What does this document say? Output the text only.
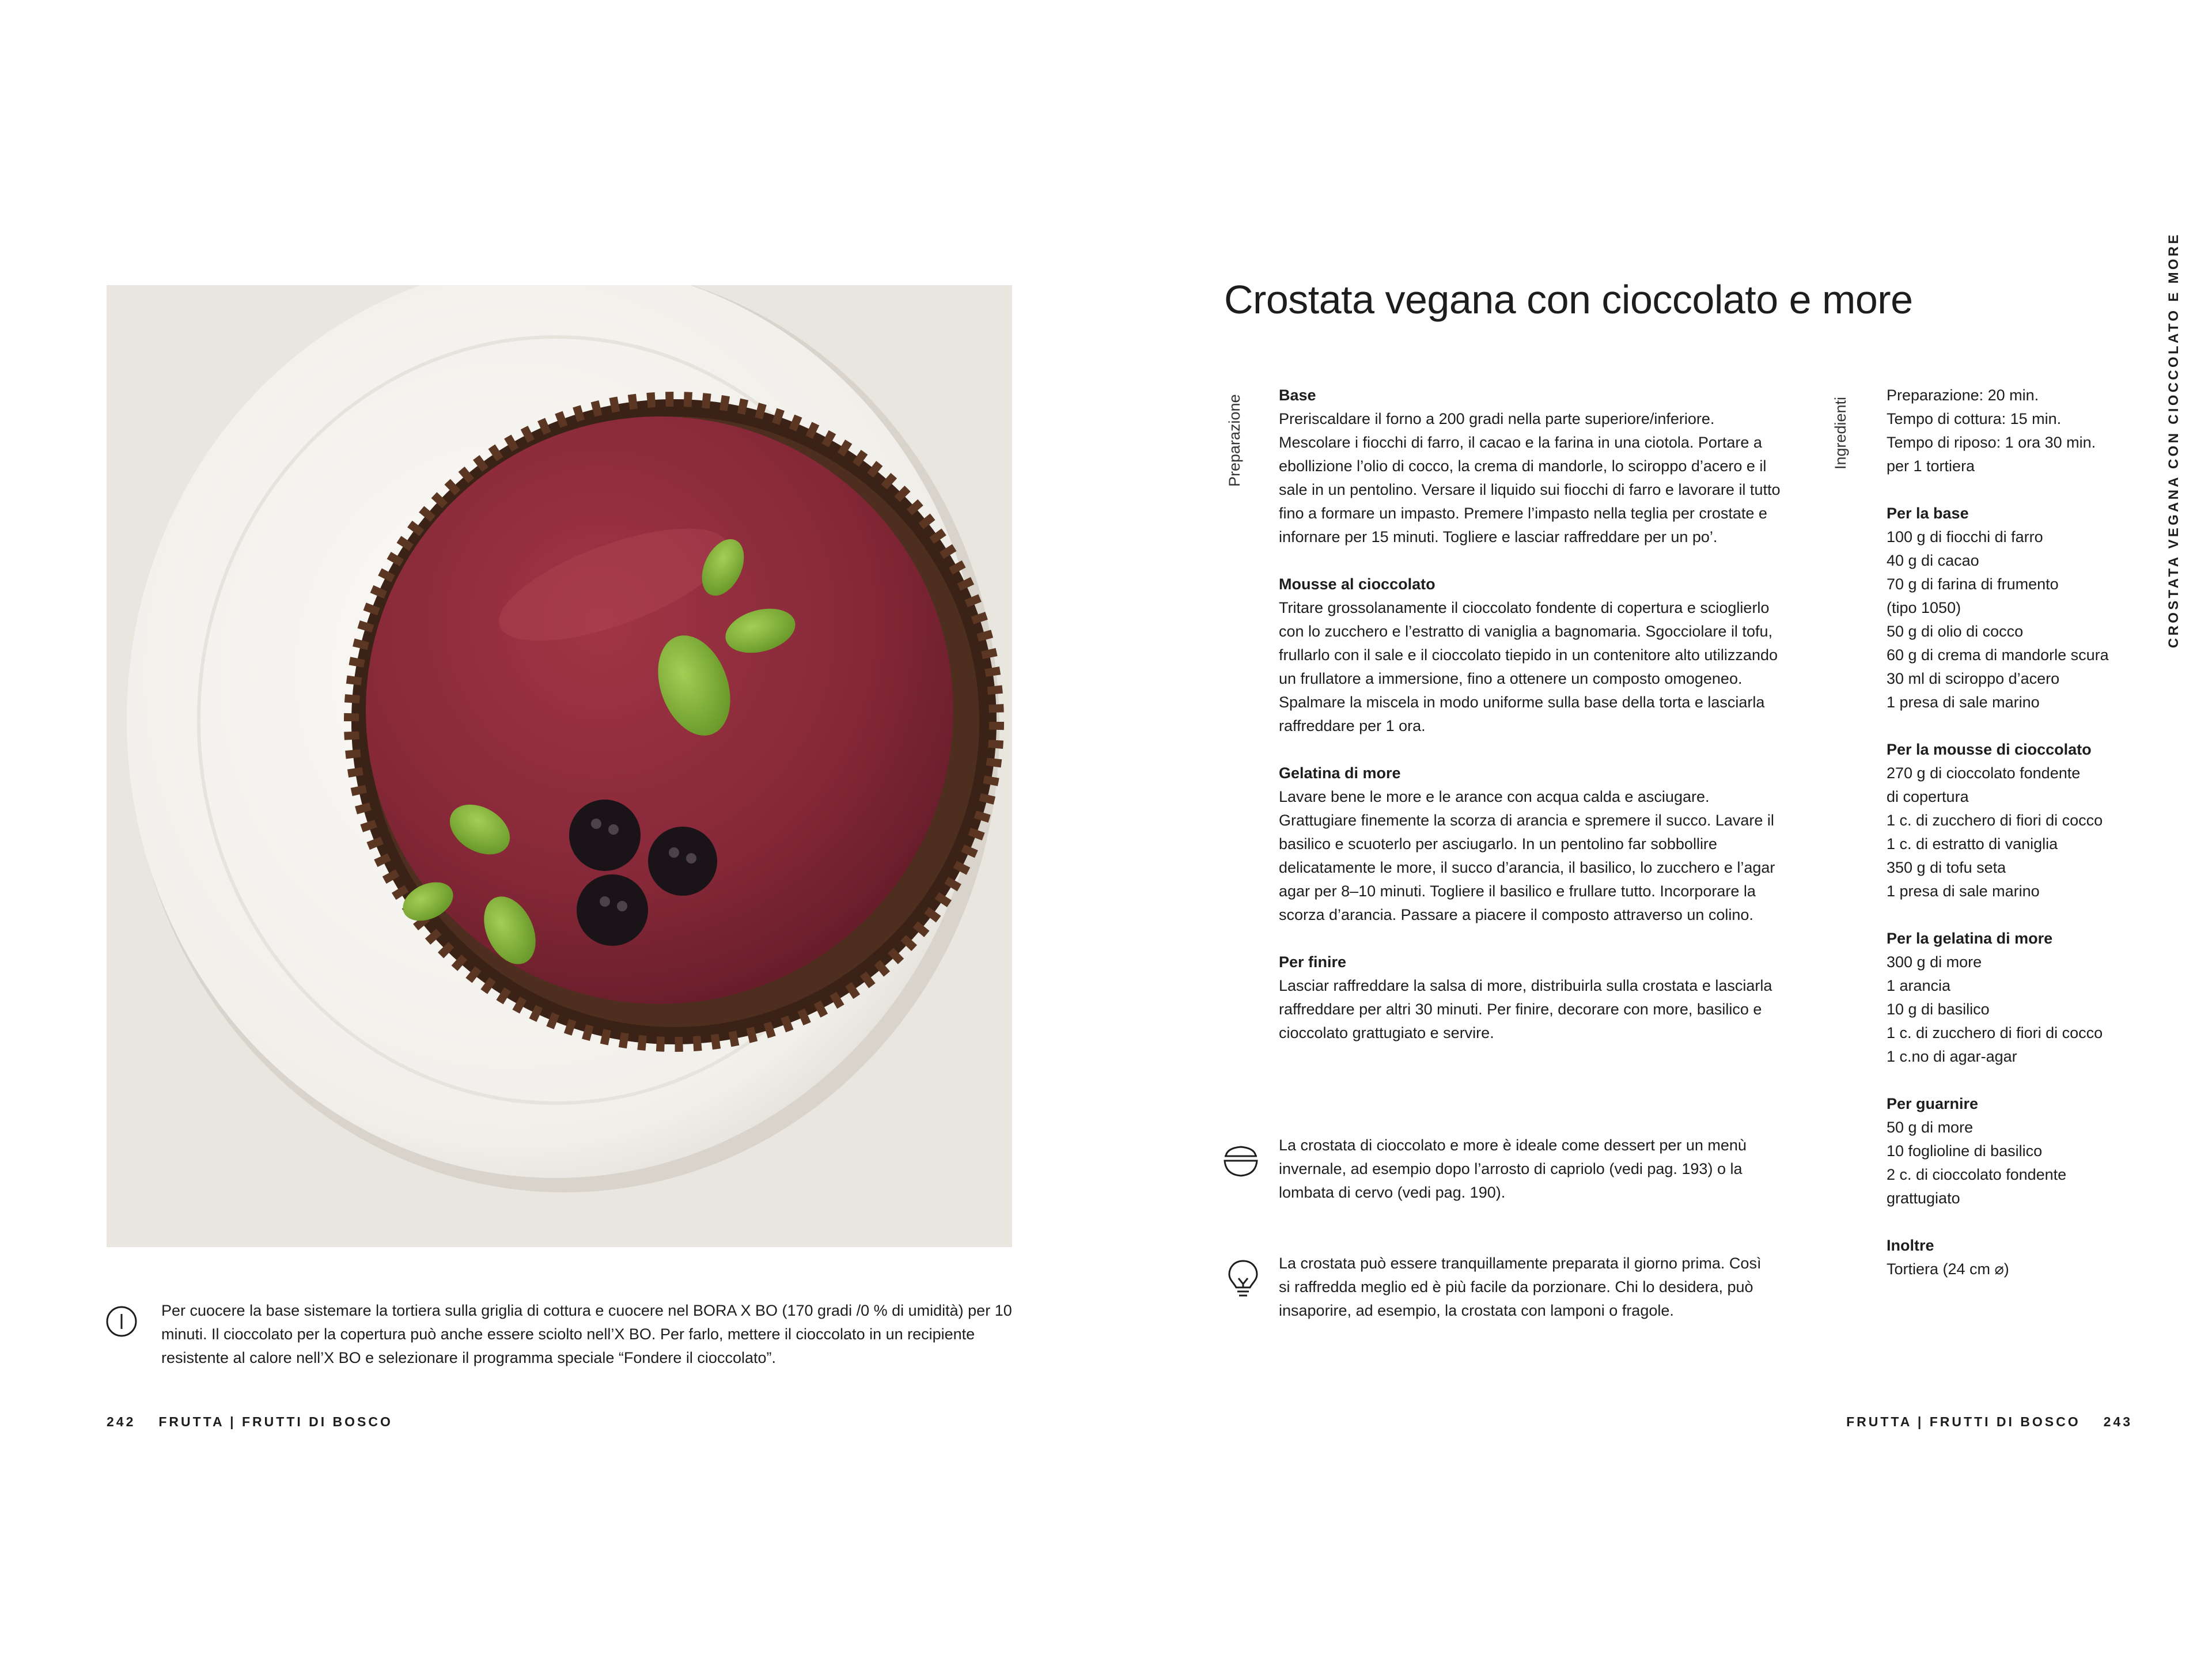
Per cuocere la base sistemare la tortiera sulla griglia di cottura e cuocere nel BORA X BO (170 gradi /0 % di umidità) per 10 minuti. Il cioccolato per la copertura può anche essere sciolto nell’X BO. Per farlo, mettere il cioccolato in un recipiente resistente al calore nell’X BO e selezionare il programma speciale “Fondere il cioccolato”.
242 FRUTTA | FRUTTI DI BOSCO
Crostata vegana con cioccolato e more
Preparazione	Ingredienti	CROSTATA VEGANA CON CIOCCOLATO E MORE
Base
Preriscaldare il forno a 200 gradi nella parte superiore/inferiore. Mescolare i fiocchi di farro, il cacao e la farina in una ciotola. Portare a ebollizione l’olio di cocco, la crema di mandorle, lo sciroppo d’acero e il sale in un pentolino. Versare il liquido sui fiocchi di farro e lavorare il tutto fino a formare un impasto. Premere l’impasto nella teglia per crostate e infornare per 15 minuti. Togliere e lasciar raffreddare per un po’.
Mousse al cioccolato
Tritare grossolanamente il cioccolato fondente di copertura e scioglierlo con lo zucchero e l’estratto di vaniglia a bagnomaria. Sgocciolare il tofu, frullarlo con il sale e il cioccolato tiepido in un contenitore alto utilizzando un frullatore a immersione, fino a ottenere un composto omogeneo. Spalmare la miscela in modo uniforme sulla base della torta e lasciarla raffreddare per 1 ora.
Gelatina di more
Lavare bene le more e le arance con acqua calda e asciugare. Grattugiare finemente la scorza di arancia e spremere il succo. Lavare il basilico e scuoterlo per asciugarlo. In un pentolino far sobbollire delicatamente le more, il succo d’arancia, il basilico, lo zucchero e l’agar agar per 8–10 minuti. Togliere il basilico e frullare tutto. Incorporare la scorza d’arancia. Passare a piacere il composto attraverso un colino.
Per finire
Lasciar raffreddare la salsa di more, distribuirla sulla crostata e lasciarla raffreddare per altri 30 minuti. Per finire, decorare con more, basilico e cioccolato grattugiato e servire.
La crostata di cioccolato e more è ideale come dessert per un menù invernale, ad esempio dopo l’arrosto di capriolo (vedi pag. 193) o la lombata di cervo (vedi pag. 190).
La crostata può essere tranquillamente preparata il giorno prima. Così si raffredda meglio ed è più facile da porzionare. Chi lo desidera, può insaporire, ad esempio, la crostata con lamponi o fragole.
Preparazione: 20 min.
Tempo di cottura: 15 min.
Tempo di riposo: 1 ora 30 min.
per 1 tortiera
Per la base
100 g di fiocchi di farro
40 g di cacao
70 g di farina di frumento
(tipo 1050)
50 g di olio di cocco
60 g di crema di mandorle scura
30 ml di sciroppo d’acero
1 presa di sale marino
Per la mousse di cioccolato
270 g di cioccolato fondente
di copertura
1 c. di zucchero di fiori di cocco
1 c. di estratto di vaniglia
350 g di tofu seta
1 presa di sale marino
Per la gelatina di more
300 g di more
1 arancia
10 g di basilico
1 c. di zucchero di fiori di cocco
1 c.no di agar-agar
Per guarnire
50 g di more
10 foglioline di basilico
2 c. di cioccolato fondente
grattugiato
Inoltre
Tortiera (24 cm ⌀)
FRUTTA | FRUTTI DI BOSCO 243
